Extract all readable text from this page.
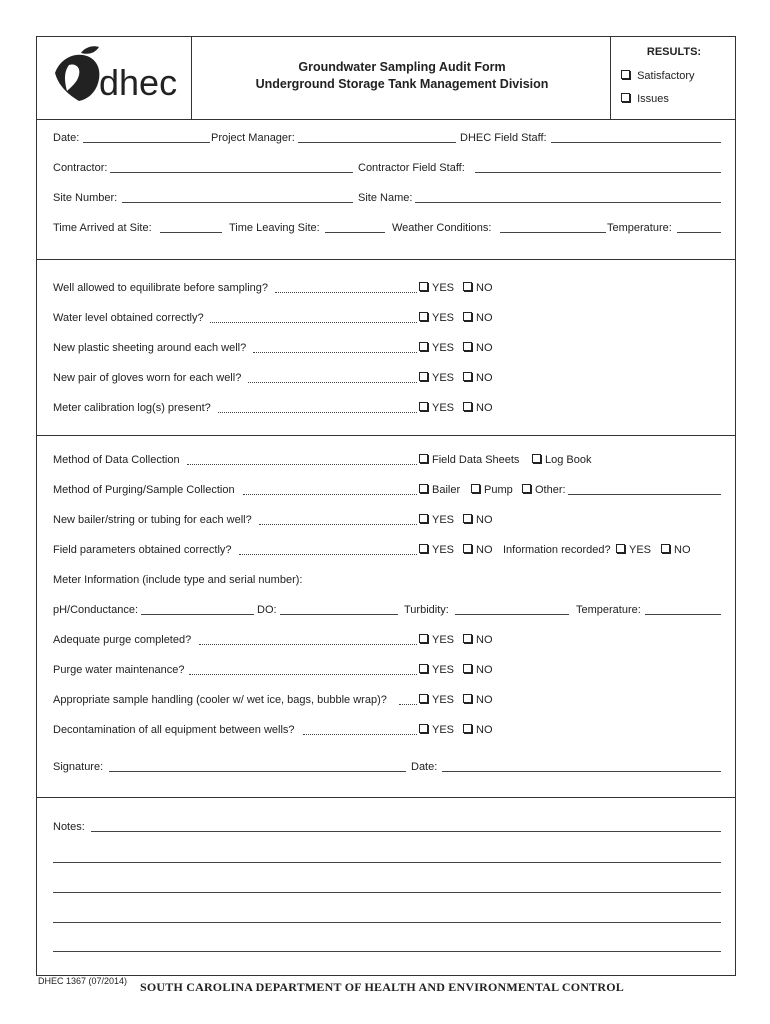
dhec	Groundwater Sampling Audit Form
Underground Storage Tank Management Division
RESULTS:
Satisfactory
Issues
Date:	Project Manager:	DHEC Field Staff:
Contractor:	Contractor Field Staff:
Site Number:	Site Name:
Time Arrived at Site:	Time Leaving Site:	Weather Conditions:	Temperature:
Well allowed to equilibrate before sampling?	YES	NO
Water level obtained correctly?	YES	NO
New plastic sheeting around each well?	YES	NO
New pair of gloves worn for each well?	YES	NO
Meter calibration log(s) present?	YES	NO
Method of Data Collection	Field Data Sheets	Log Book
Method of Purging/Sample Collection	Bailer	Pump	Other:
New bailer/string or tubing for each well?	YES	NO
Field parameters obtained correctly?	YES	NO Information recorded?	YES	NO
Meter Information (include type and serial number):
pH/Conductance:	DO:	Turbidity:	Temperature:
Adequate purge completed?	YES	NO
Purge water maintenance?	YES	NO
Appropriate sample handling (cooler w/ wet ice, bags, bubble wrap)?	YES	NO
Decontamination of all equipment between wells?	YES	NO
Signature:	Date:
Notes:
DHEC 1367 (07/2014) SOUTH CAROLINA DEPARTMENT OF HEALTH AND ENVIRONMENTAL CONTROL
